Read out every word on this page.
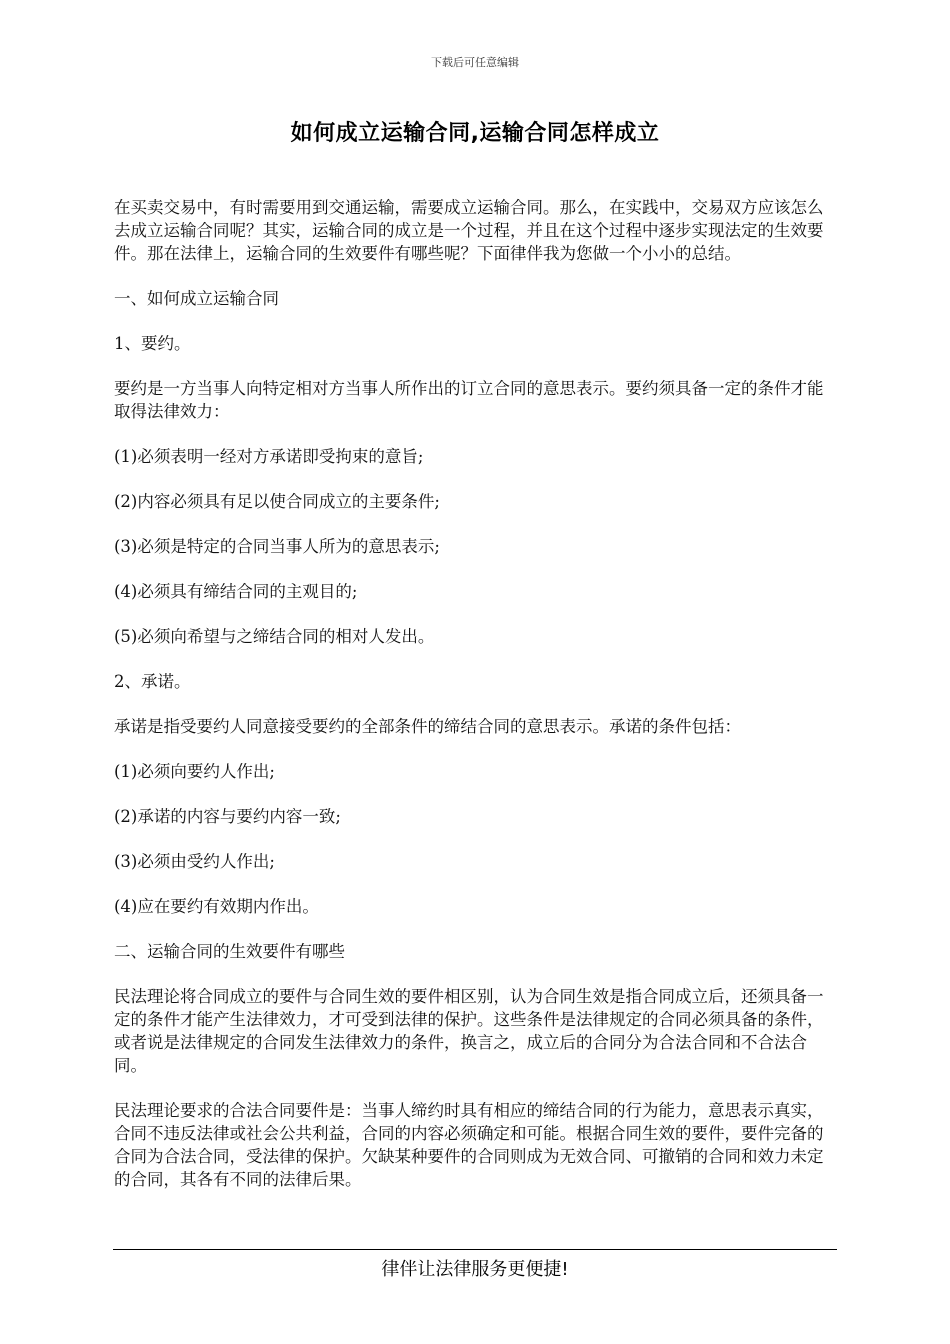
下载后可任意编辑
如何成立运输合同,运输合同怎样成立

在买卖交易中，有时需要用到交通运输，需要成立运输合同。那么，在实践中，交易双方应该怎么去成立运输合同呢？其实，运输合同的成立是一个过程，并且在这个过程中逐步实现法定的生效要件。那在法律上，运输合同的生效要件有哪些呢？下面律伴我为您做一个小小的总结。

一、如何成立运输合同

1、要约。

要约是一方当事人向特定相对方当事人所作出的订立合同的意思表示。要约须具备一定的条件才能取得法律效力：

(1)必须表明一经对方承诺即受拘束的意旨;

(2)内容必须具有足以使合同成立的主要条件;

(3)必须是特定的合同当事人所为的意思表示;

(4)必须具有缔结合同的主观目的;

(5)必须向希望与之缔结合同的相对人发出。

2、承诺。

承诺是指受要约人同意接受要约的全部条件的缔结合同的意思表示。承诺的条件包括：

(1)必须向要约人作出;

(2)承诺的内容与要约内容一致;

(3)必须由受约人作出;

(4)应在要约有效期内作出。

二、运输合同的生效要件有哪些

民法理论将合同成立的要件与合同生效的要件相区别，认为合同生效是指合同成立后，还须具备一定的条件才能产生法律效力，才可受到法律的保护。这些条件是法律规定的合同必须具备的条件，或者说是法律规定的合同发生法律效力的条件，换言之，成立后的合同分为合法合同和不合法合同。

民法理论要求的合法合同要件是：当事人缔约时具有相应的缔结合同的行为能力，意思表示真实，合同不违反法律或社会公共利益，合同的内容必须确定和可能。根据合同生效的要件，要件完备的合同为合法合同，受法律的保护。欠缺某种要件的合同则成为无效合同、可撤销的合同和效力未定的合同，其各有不同的法律后果。

律伴让法律服务更便捷!
